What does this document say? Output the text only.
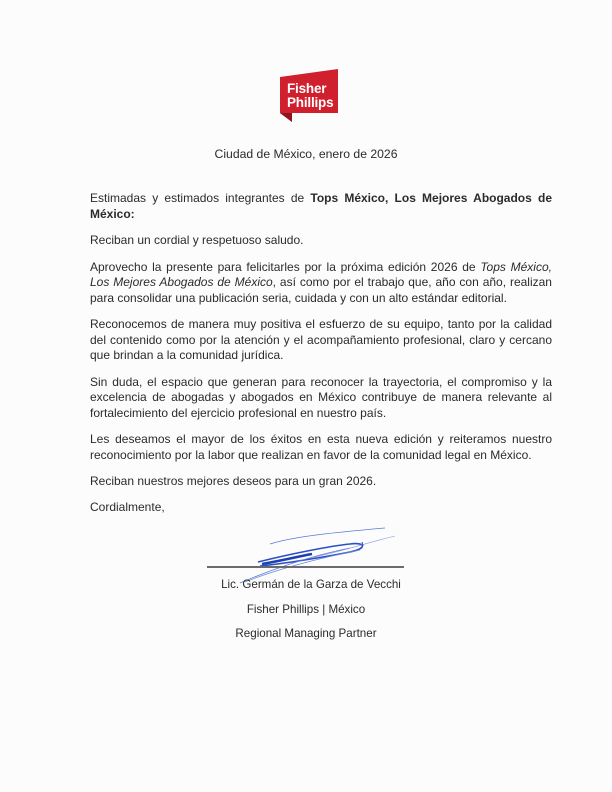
Fisher
Phillips
Ciudad de México, enero de 2026

Estimadas y estimados integrantes de Tops México, Los Mejores Abogados de México:

Reciban un cordial y respetuoso saludo.

Aprovecho la presente para felicitarles por la próxima edición 2026 de Tops México, Los Mejores Abogados de México, así como por el trabajo que, año con año, realizan para consolidar una publicación seria, cuidada y con un alto estándar editorial.

Reconocemos de manera muy positiva el esfuerzo de su equipo, tanto por la calidad del contenido como por la atención y el acompañamiento profesional, claro y cercano que brindan a la comunidad jurídica.

Sin duda, el espacio que generan para reconocer la trayectoria, el compromiso y la excelencia de abogadas y abogados en México contribuye de manera relevante al fortalecimiento del ejercicio profesional en nuestro país.

Les deseamos el mayor de los éxitos en esta nueva edición y reiteramos nuestro reconocimiento por la labor que realizan en favor de la comunidad legal en México.

Reciban nuestros mejores deseos para un gran 2026.

Cordialmente,

Lic. Germán de la Garza de Vecchi
Fisher Phillips | México
Regional Managing Partner
